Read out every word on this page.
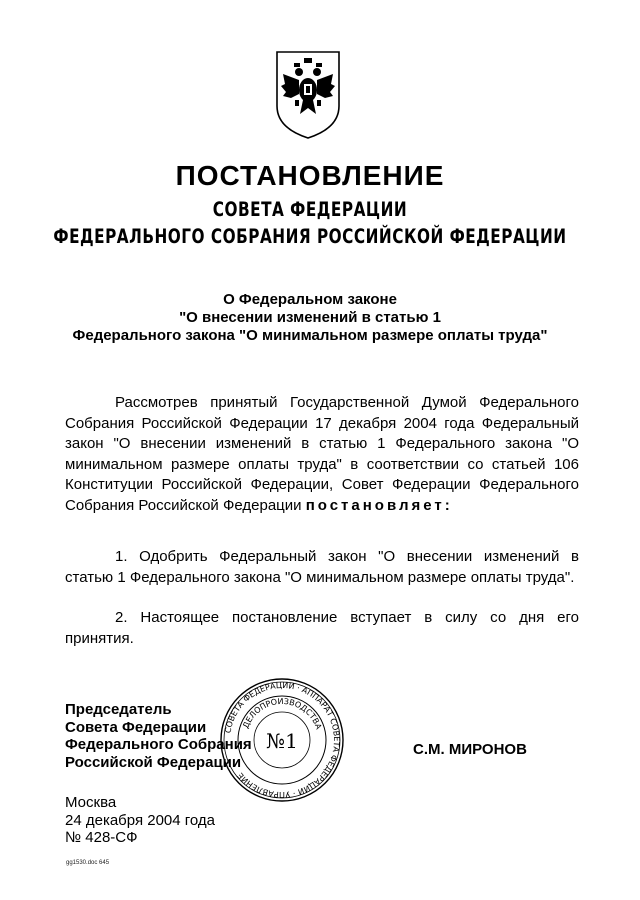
ПОСТАНОВЛЕНИЕ
СОВЕТА ФЕДЕРАЦИИ
ФЕДЕРАЛЬНОГО СОБРАНИЯ РОССИЙСКОЙ ФЕДЕРАЦИИ
О Федеральном законе
"О внесении изменений в статью 1
Федерального закона "О минимальном размере оплаты труда"
Рассмотрев принятый Государственной Думой Федерального Собрания Российской Федерации 17 декабря 2004 года Федеральный закон "О внесении изменений в статью 1 Федерального закона "О минимальном размере оплаты труда" в соответствии со статьей 106 Конституции Российской Федерации, Совет Федерации Федерального Собрания Российской Федерации постановляет:
1. Одобрить Федеральный закон "О внесении изменений в статью 1 Федерального закона "О минимальном размере оплаты труда".
2. Настоящее постановление вступает в силу со дня его принятия.
Председатель
Совета Федерации
Федерального Собрания
Российской Федерации
СОВЕТА ФЕДЕРАЦИИ · АППАРАТ СОВЕТА ФЕДЕРАЦИИ · УПРАВЛЕНИЕ
ДЕЛОПРОИЗВОДСТВА
№1	С.М. МИРОНОВ
Москва
24 декабря 2004 года
№ 428-СФ
gg1530.doc 645
